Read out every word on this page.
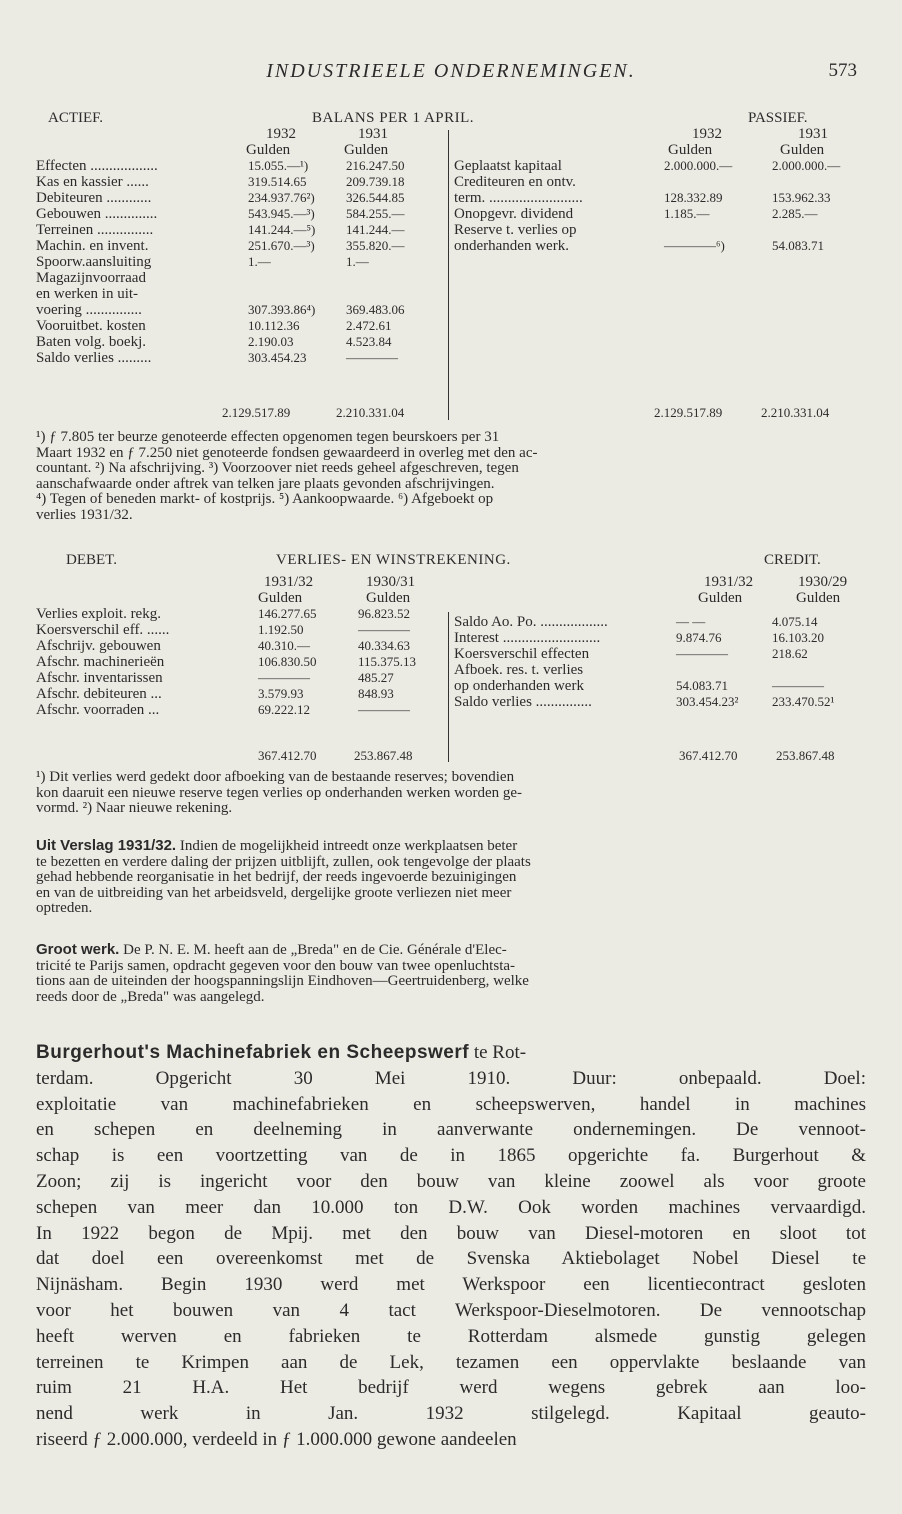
INDUSTRIEELE ONDERNEMINGEN.	573
ACTIEF.	BALANS PER 1 APRIL.	PASSIEF.
1932	1931	1932	1931
Gulden	Gulden	Gulden	Gulden
Effecten ..................	15.055.—¹)	216.247.50
Kas en kassier ......	319.514.65	209.739.18
Debiteuren ............	234.937.76²) 326.544.85
Gebouwen ..............	543.945.—³) 584.255.—
Terreinen ...............	141.244.—⁵) 141.244.—
Machin. en invent.	251.670.—³) 355.820.—
Spoorw.aansluiting	1.—	1.—
Magazijnvoorraad
en werken in uit-
voering ...............	307.393.86⁴) 369.483.06
Vooruitbet. kosten	10.112.36	2.472.61
Baten volg. boekj.	2.190.03	4.523.84
Saldo verlies .........	303.454.23	————
Geplaatst kapitaal	2.000.000.—	2.000.000.—
Crediteuren en ontv.
term. .........................	128.332.89	153.962.33
Onopgevr. dividend	1.185.—	2.285.—
Reserve t. verlies op
onderhanden werk.	————⁶)	54.083.71
2.129.517.89	2.210.331.04	2.129.517.89	2.210.331.04
¹) ƒ 7.805 ter beurze genoteerde effecten opgenomen tegen beurskoers per 31
Maart 1932 en ƒ 7.250 niet genoteerde fondsen gewaardeerd in overleg met den ac-
countant. ²) Na afschrijving. ³) Voorzoover niet reeds geheel afgeschreven, tegen
aanschafwaarde onder aftrek van telken jare plaats gevonden afschrijvingen.
⁴) Tegen of beneden markt- of kostprijs. ⁵) Aankoopwaarde. ⁶) Afgeboekt op
verlies 1931/32.
DEBET.	VERLIES- EN WINSTREKENING.	CREDIT.
1931/32	1930/31	1931/32	1930/29
Gulden	Gulden	Gulden	Gulden
Verlies exploit. rekg.	146.277.65	96.823.52
Koersverschil eff. ......	1.192.50	————
Afschrijv. gebouwen	40.310.—	40.334.63
Afschr. machinerieën	106.830.50	115.375.13
Afschr. inventarissen	————	485.27
Afschr. debiteuren ...	3.579.93	848.93
Afschr. voorraden ...	69.222.12	————
Saldo Ao. Po. ..................	— —	4.075.14
Interest ..........................	9.874.76	16.103.20
Koersverschil effecten	————	218.62
Afboek. res. t. verlies
op onderhanden werk	54.083.71	————
Saldo verlies ...............	303.454.23²	233.470.52¹
367.412.70	253.867.48	367.412.70	253.867.48
¹) Dit verlies werd gedekt door afboeking van de bestaande reserves; bovendien
kon daaruit een nieuwe reserve tegen verlies op onderhanden werken worden ge-
vormd. ²) Naar nieuwe rekening.
Uit Verslag 1931/32. Indien de mogelijkheid intreedt onze werkplaatsen beter
te bezetten en verdere daling der prijzen uitblijft, zullen, ook tengevolge der plaats
gehad hebbende reorganisatie in het bedrijf, der reeds ingevoerde bezuinigingen
en van de uitbreiding van het arbeidsveld, dergelijke groote verliezen niet meer
optreden.
Groot werk. De P. N. E. M. heeft aan de „Breda" en de Cie. Générale d'Elec-
tricité te Parijs samen, opdracht gegeven voor den bouw van twee openluchtsta-
tions aan de uiteinden der hoogspanningslijn Eindhoven—Geertruidenberg, welke
reeds door de „Breda" was aangelegd.
Burgerhout's Machinefabriek en Scheepswerf te Rot-
terdam. Opgericht 30 Mei 1910. Duur: onbepaald. Doel:
exploitatie van machinefabrieken en scheepswerven, handel in machines
en schepen en deelneming in aanverwante ondernemingen. De vennoot-
schap is een voortzetting van de in 1865 opgerichte fa. Burgerhout &
Zoon; zij is ingericht voor den bouw van kleine zoowel als voor groote
schepen van meer dan 10.000 ton D.W. Ook worden machines vervaardigd.
In 1922 begon de Mpij. met den bouw van Diesel-motoren en sloot tot
dat doel een overeenkomst met de Svenska Aktiebolaget Nobel Diesel te
Nijnäsham. Begin 1930 werd met Werkspoor een licentiecontract gesloten
voor het bouwen van 4 tact Werkspoor-Dieselmotoren. De vennootschap
heeft werven en fabrieken te Rotterdam alsmede gunstig gelegen
terreinen te Krimpen aan de Lek, tezamen een oppervlakte beslaande van
ruim 21 H.A. Het bedrijf werd wegens gebrek aan loo-
nend werk in Jan. 1932 stilgelegd. Kapitaal geauto-
riseerd ƒ 2.000.000, verdeeld in ƒ 1.000.000 gewone aandeelen
